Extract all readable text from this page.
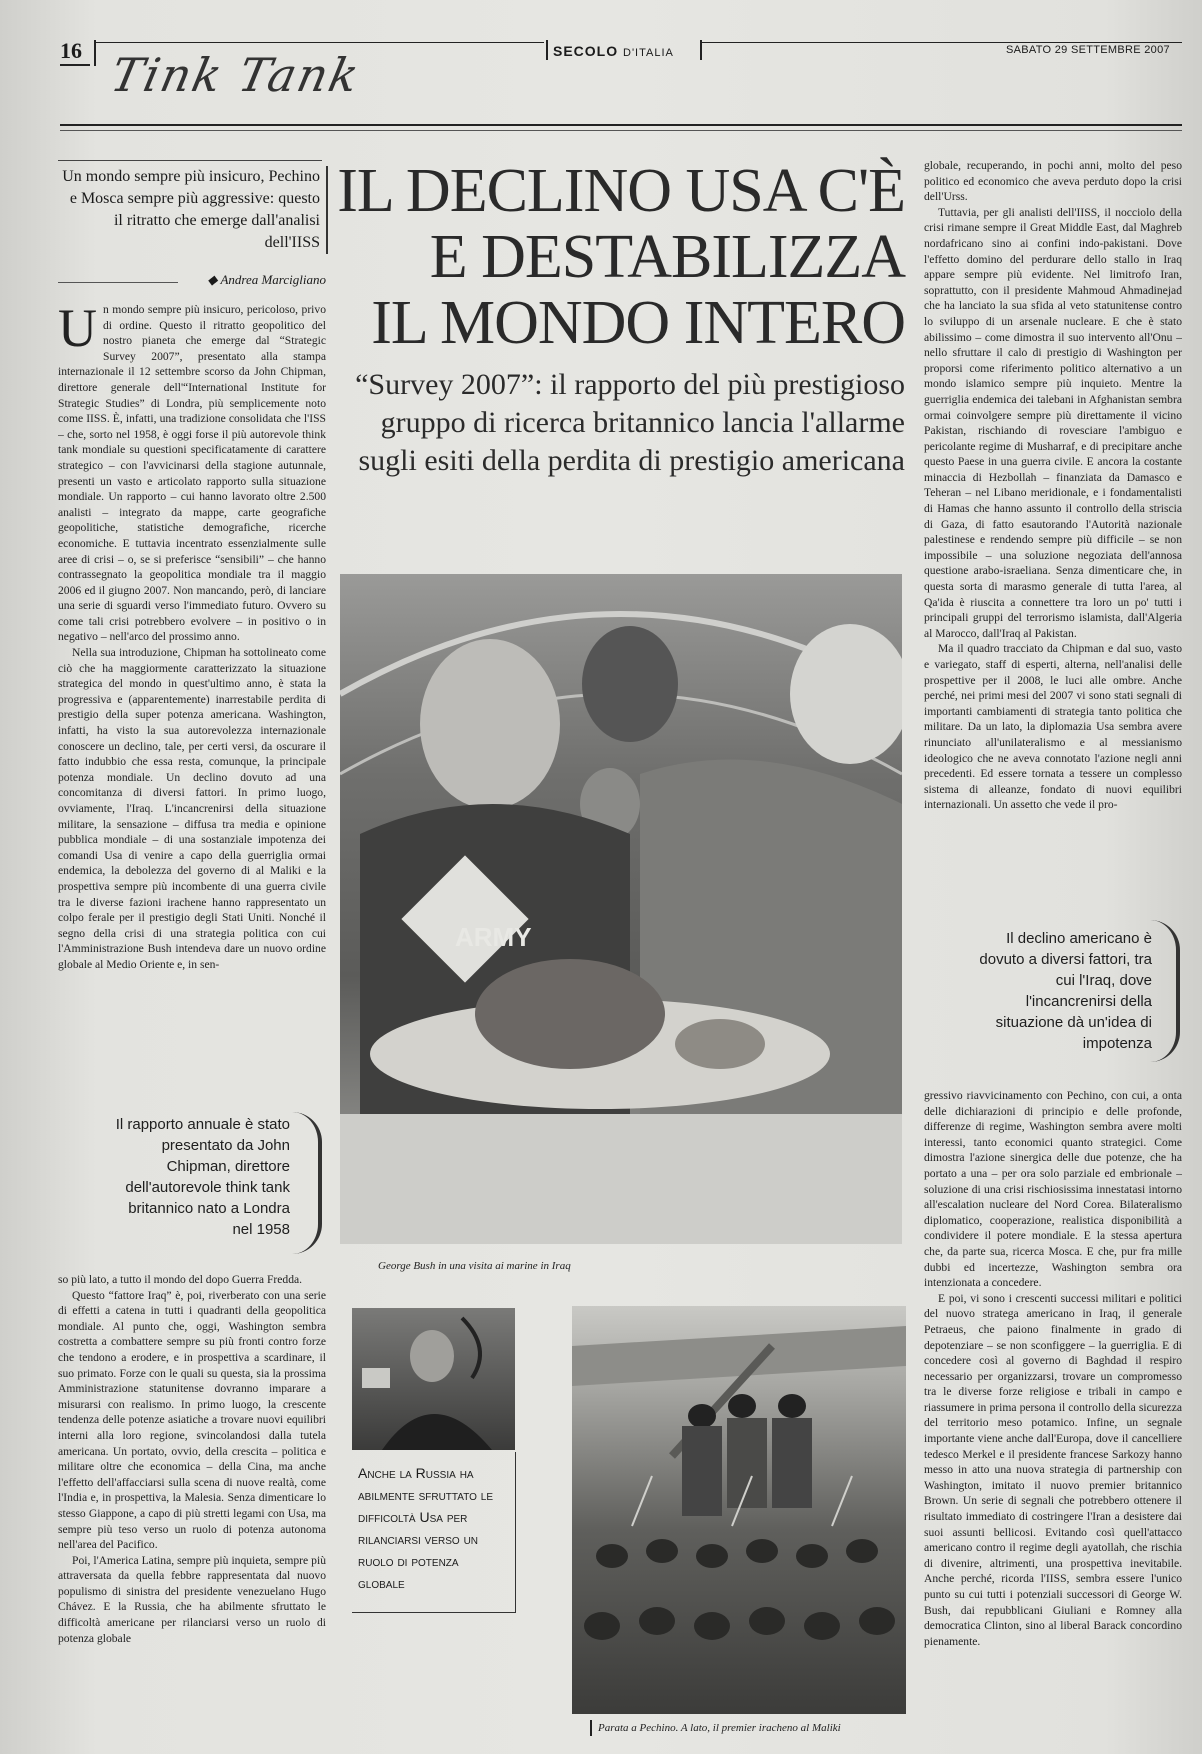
16 Tink Tank	SECOLO D'ITALIA	SABATO 29 SETTEMBRE 2007
Un mondo sempre più insicuro, Pechino e Mosca sempre più aggressive: questo il ritratto che emerge dall'analisi dell'IISS
◆ Andrea Marcigliano
IL DECLINO USA C'È
E DESTABILIZZA
IL MONDO INTERO
“Survey 2007”: il rapporto del più prestigioso gruppo di ricerca britannico lancia l'allarme sugli esiti della perdita di prestigio americana
U n mondo sempre più insicuro, pericoloso, privo di ordine. Questo il ritratto geopolitico del nostro pianeta che emerge dal “Strategic Survey 2007”, presentato alla stampa internazionale il 12 settembre scorso da John Chipman, direttore generale dell'“International Institute for Strategic Studies” di Londra, più semplicemente noto come IISS. È, infatti, una tradizione consolidata che l'ISS – che, sorto nel 1958, è oggi forse il più autorevole think tank mondiale su questioni specificatamente di carattere strategico – con l'avvicinarsi della stagione autunnale, presenti un vasto e articolato rapporto sulla situazione mondiale. Un rapporto – cui hanno lavorato oltre 2.500 analisti – integrato da mappe, carte geografiche geopolitiche, statistiche demografiche, ricerche economiche. E tuttavia incentrato essenzialmente sulle aree di crisi – o, se si preferisce “sensibili” – che hanno contrassegnato la geopolitica mondiale tra il maggio 2006 ed il giugno 2007. Non mancando, però, di lanciare una serie di sguardi verso l'immediato futuro. Ovvero su come tali crisi potrebbero evolvere – in positivo o in negativo – nell'arco del prossimo anno.

Nella sua introduzione, Chipman ha sottolineato come ciò che ha maggiormente caratterizzato la situazione strategica del mondo in quest'ultimo anno, è stata la progressiva e (apparentemente) inarrestabile perdita di prestigio della super potenza americana. Washington, infatti, ha visto la sua autorevolezza internazionale conoscere un declino, tale, per certi versi, da oscurare il fatto indubbio che essa resta, comunque, la principale potenza mondiale. Un declino dovuto ad una concomitanza di diversi fattori. In primo luogo, ovviamente, l'Iraq. L'incancrenirsi della situazione militare, la sensazione – diffusa tra media e opinione pubblica mondiale – di una sostanziale impotenza dei comandi Usa di venire a capo della guerriglia ormai endemica, la debolezza del governo di al Maliki e la prospettiva sempre più incombente di una guerra civile tra le diverse fazioni irachene hanno rappresentato un colpo ferale per il prestigio degli Stati Uniti. Nonché il segno della crisi di una strategia politica con cui l'Amministrazione Bush intendeva dare un nuovo ordine globale al Medio Oriente e, in sen-

Il rapporto annuale è stato presentato da John Chipman, direttore dell'autorevole think tank britannico nato a Londra nel 1958

so più lato, a tutto il mondo del dopo Guerra Fredda.

Questo “fattore Iraq” è, poi, riverberato con una serie di effetti a catena in tutti i quadranti della geopolitica mondiale. Al punto che, oggi, Washington sembra costretta a combattere sempre su più fronti contro forze che tendono a erodere, e in prospettiva a scardinare, il suo primato. Forze con le quali su questa, sia la prossima Amministrazione statunitense dovranno imparare a misurarsi con realismo. In primo luogo, la crescente tendenza delle potenze asiatiche a trovare nuovi equilibri interni alla loro regione, svincolandosi dalla tutela americana. Un portato, ovvio, della crescita – politica e militare oltre che economica – della Cina, ma anche l'effetto dell'affacciarsi sulla scena di nuove realtà, come l'India e, in prospettiva, la Malesia. Senza dimenticare lo stesso Giappone, a capo di più stretti legami con Usa, ma sempre più teso verso un ruolo di potenza autonoma nell'area del Pacifico.

Poi, l'America Latina, sempre più inquieta, sempre più attraversata da quella febbre rappresentata dal nuovo populismo di sinistra del presidente venezuelano Hugo Chávez. E la Russia, che ha abilmente sfruttato le difficoltà americane per rilanciarsi verso un ruolo di potenza globale

globale, recuperando, in pochi anni, molto del peso politico ed economico che aveva perduto dopo la crisi dell'Urss.

Tuttavia, per gli analisti dell'IISS, il nocciolo della crisi rimane sempre il Great Middle East, dal Maghreb nordafricano sino ai confini indo-pakistani. Dove l'effetto domino del perdurare dello stallo in Iraq appare sempre più evidente. Nel limitrofo Iran, soprattutto, con il presidente Mahmoud Ahmadinejad che ha lanciato la sua sfida al veto statunitense contro lo sviluppo di un arsenale nucleare. E che è stato abilissimo – come dimostra il suo intervento all'Onu – nello sfruttare il calo di prestigio di Washington per proporsi come riferimento politico alternativo a un mondo islamico sempre più inquieto. Mentre la guerriglia endemica dei talebani in Afghanistan sembra ormai coinvolgere sempre più direttamente il vicino Pakistan, rischiando di rovesciare l'ambiguo e pericolante regime di Musharraf, e di precipitare anche questo Paese in una guerra civile. E ancora la costante minaccia di Hezbollah – finanziata da Damasco e Teheran – nel Libano meridionale, e i fondamentalisti di Hamas che hanno assunto il controllo della striscia di Gaza, di fatto esautorando l'Autorità nazionale palestinese e rendendo sempre più difficile – se non impossibile – una soluzione negoziata dell'annosa questione arabo-israeliana. Senza dimenticare che, in questa sorta di marasmo generale di tutta l'area, al Qa'ida è riuscita a connettere tra loro un po' tutti i principali gruppi del terrorismo islamista, dall'Algeria al Marocco, dall'Iraq al Pakistan.

Ma il quadro tracciato da Chipman e dal suo, vasto e variegato, staff di esperti, alterna, nell'analisi delle prospettive per il 2008, le luci alle ombre. Anche perché, nei primi mesi del 2007 vi sono stati segnali di importanti cambiamenti di strategia tanto politica che militare. Da un lato, la diplomazia Usa sembra avere rinunciato all'unilateralismo e al messianismo ideologico che ne aveva connotato l'azione negli anni precedenti. Ed essere tornata a tessere un complesso sistema di alleanze, fondato di nuovi equilibri internazionali. Un assetto che vede il pro-

Il declino americano è dovuto a diversi fattori, tra cui l'Iraq, dove l'incancrenirsi della situazione dà un'idea di impotenza

gressivo riavvicinamento con Pechino, con cui, a onta delle dichiarazioni di principio e delle profonde, differenze di regime, Washington sembra avere molti interessi, tanto economici quanto strategici. Come dimostra l'azione sinergica delle due potenze, che ha portato a una – per ora solo parziale ed embrionale – soluzione di una crisi rischiosissima innestatasi intorno all'escalation nucleare del Nord Corea. Bilateralismo diplomatico, cooperazione, realistica disponibilità a condividere il potere mondiale. E la stessa apertura che, da parte sua, ricerca Mosca. E che, pur fra mille dubbi ed incertezze, Washington sembra ora intenzionata a concedere.

E poi, vi sono i crescenti successi militari e politici del nuovo stratega americano in Iraq, il generale Petraeus, che paiono finalmente in grado di depotenziare – se non sconfiggere – la guerriglia. E di concedere così al governo di Baghdad il respiro necessario per organizzarsi, trovare un compromesso tra le diverse forze religiose e tribali in campo e riassumere in prima persona il controllo della sicurezza del territorio meso potamico. Infine, un segnale importante viene anche dall'Europa, dove il cancelliere tedesco Merkel e il presidente francese Sarkozy hanno messo in atto una nuova strategia di partnership con Washington, imitato il nuovo premier britannico Brown. Un serie di segnali che potrebbero ottenere il risultato immediato di costringere l'Iran a desistere dai suoi assunti bellicosi. Evitando così quell'attacco americano contro il regime degli ayatollah, che rischia di divenire, altrimenti, una prospettiva inevitabile. Anche perché, ricorda l'IISS, sembra essere l'unico punto su cui tutti i potenziali successori di George W. Bush, dai repubblicani Giuliani e Romney alla democratica Clinton, sino al liberal Barack concordino pienamente.

ARMY
George Bush in una visita ai marine in Iraq
Anche la Russia ha abilmente sfruttato le difficoltà Usa per rilanciarsi verso un ruolo di potenza globale
Parata a Pechino. A lato, il premier iracheno al Maliki
